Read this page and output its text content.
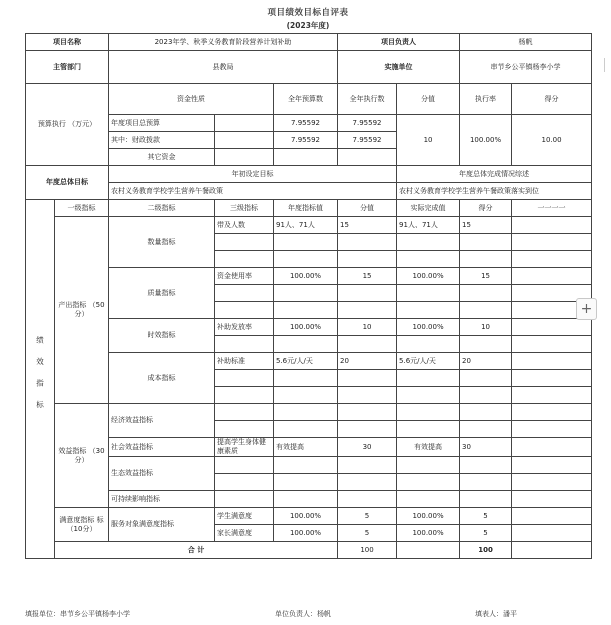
项目绩效目标自评表
(2023年度)
项目名称		2023年学、秋季义务教育阶段营养计划补助			项目负责人		杨帆	
主管部门		县教局			实施单位		串节乡公平镇杨李小学	
预算执行 （万元）		资金性质		全年预算数	全年执行数	分值	执行率	得分
		年度项目总预算		7.95592	7.95592	10	100.00%	10.00
		其中：财政拨款		7.95592	7.95592			
		其它资金						
年度总体目标		年初设定目标				年度总体完成情况综述		
		农村义务教育学校学生营养午餐政策				农村义务教育学校学生营养午餐政策落实到位		
绩效指标	一级指标	二级指标	三级指标	年度指标值	分值	实际完成值	得分	一一一一
	产出指标 （50分）	数量指标	带及人数	91人、71人	15	91人、71人	15	

		质量指标	资金使用率	100.00%	15	100.00%	15	

		时效指标	补助发放率	100.00%	10	100.00%	10	

		成本指标	补助标准	5.6元/人/天	20	5.6元/人/天	20	

	效益指标 （30分）	经济效益指标						

		社会效益指标	提高学生身体健康素质	有效提高	30	有效提高	30	

		生态效益指标						

		可持续影响指标						
	满意度指标 标（10分）	服务对象满意度指标	学生满意度	100.00%	5	100.00%	5	
			家长满意度	100.00%	5	100.00%	5	
	合 计				100		100	
填报单位：串节乡公平镇杨李小学	单位负责人：杨帆	填表人：潘平
+
